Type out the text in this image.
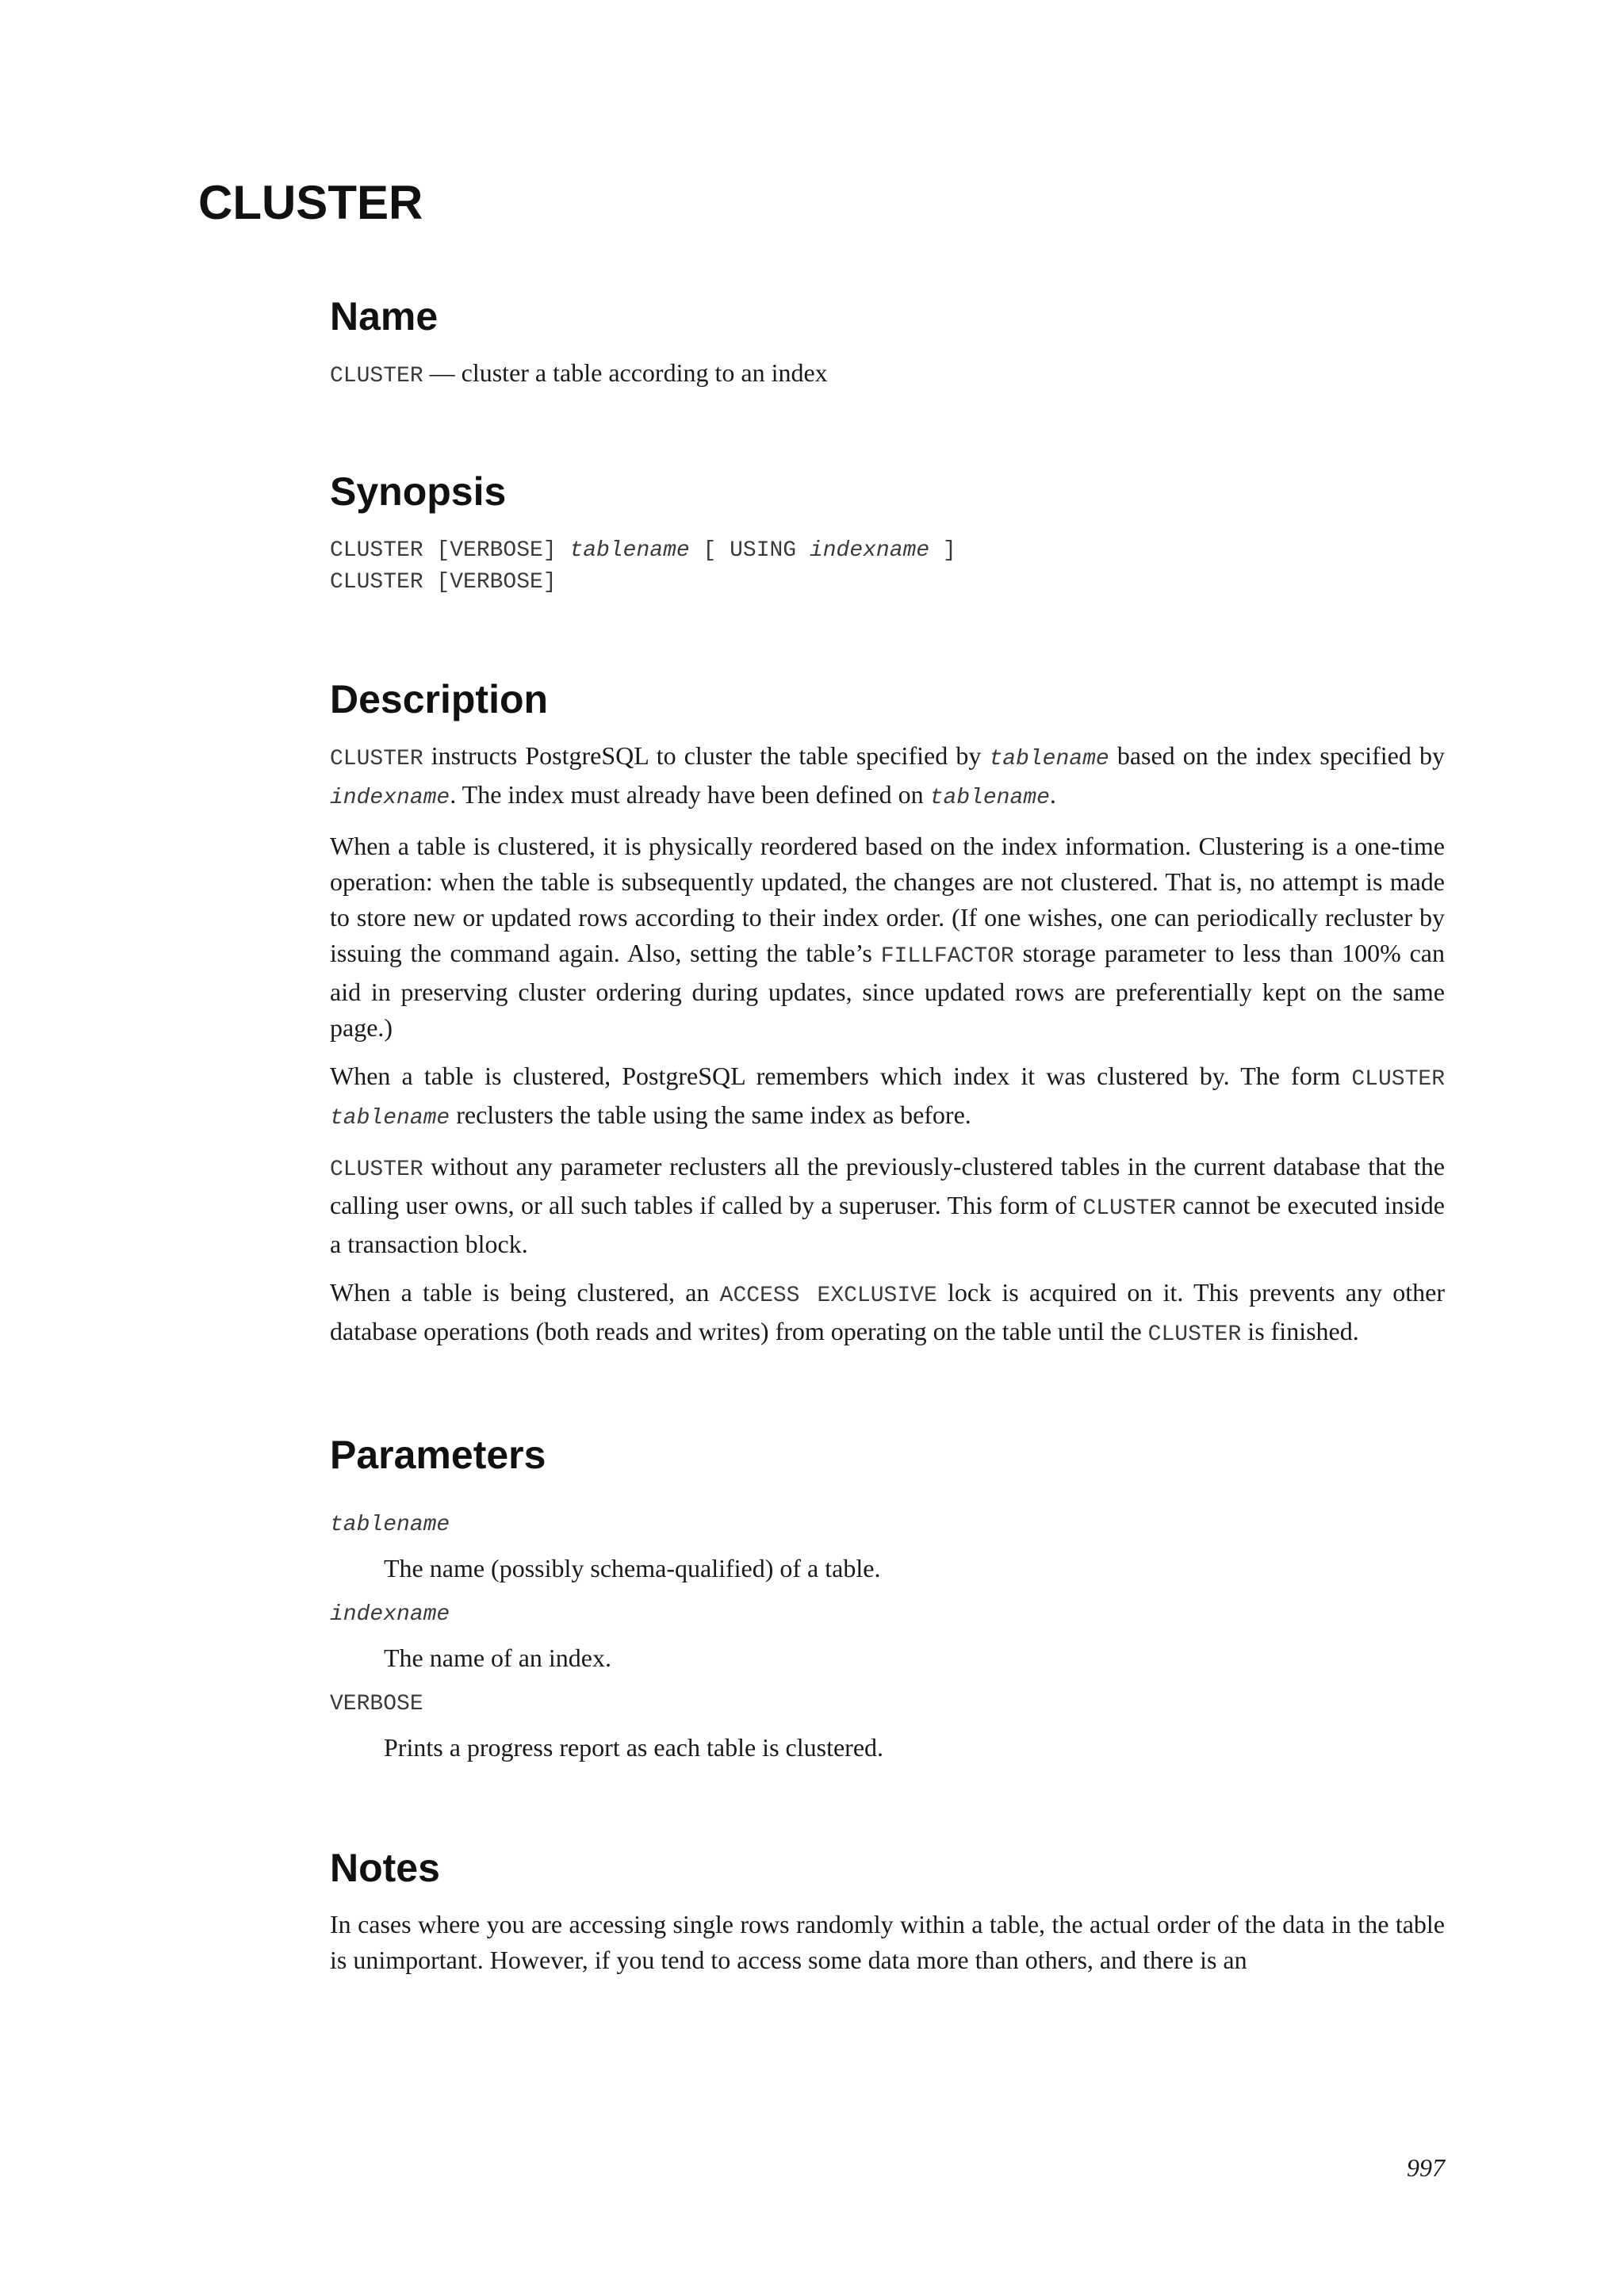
CLUSTER
Name

CLUSTER — cluster a table according to an index

Synopsis
CLUSTER [VERBOSE] tablename [ USING indexname ]
CLUSTER [VERBOSE]
Description

CLUSTER instructs PostgreSQL to cluster the table specified by tablename based on the index specified by indexname. The index must already have been defined on tablename.

When a table is clustered, it is physically reordered based on the index information. Clustering is a one-time operation: when the table is subsequently updated, the changes are not clustered. That is, no attempt is made to store new or updated rows according to their index order. (If one wishes, one can periodically recluster by issuing the command again. Also, setting the table’s FILLFACTOR storage parameter to less than 100% can aid in preserving cluster ordering during updates, since updated rows are preferentially kept on the same page.)

When a table is clustered, PostgreSQL remembers which index it was clustered by. The form CLUSTER tablename reclusters the table using the same index as before.

CLUSTER without any parameter reclusters all the previously-clustered tables in the current database that the calling user owns, or all such tables if called by a superuser. This form of CLUSTER cannot be executed inside a transaction block.

When a table is being clustered, an ACCESS EXCLUSIVE lock is acquired on it. This prevents any other database operations (both reads and writes) from operating on the table until the CLUSTER is finished.

Parameters
tablename
The name (possibly schema-qualified) of a table.
indexname
The name of an index.
VERBOSE
Prints a progress report as each table is clustered.
Notes

In cases where you are accessing single rows randomly within a table, the actual order of the data in the table is unimportant. However, if you tend to access some data more than others, and there is an

997
